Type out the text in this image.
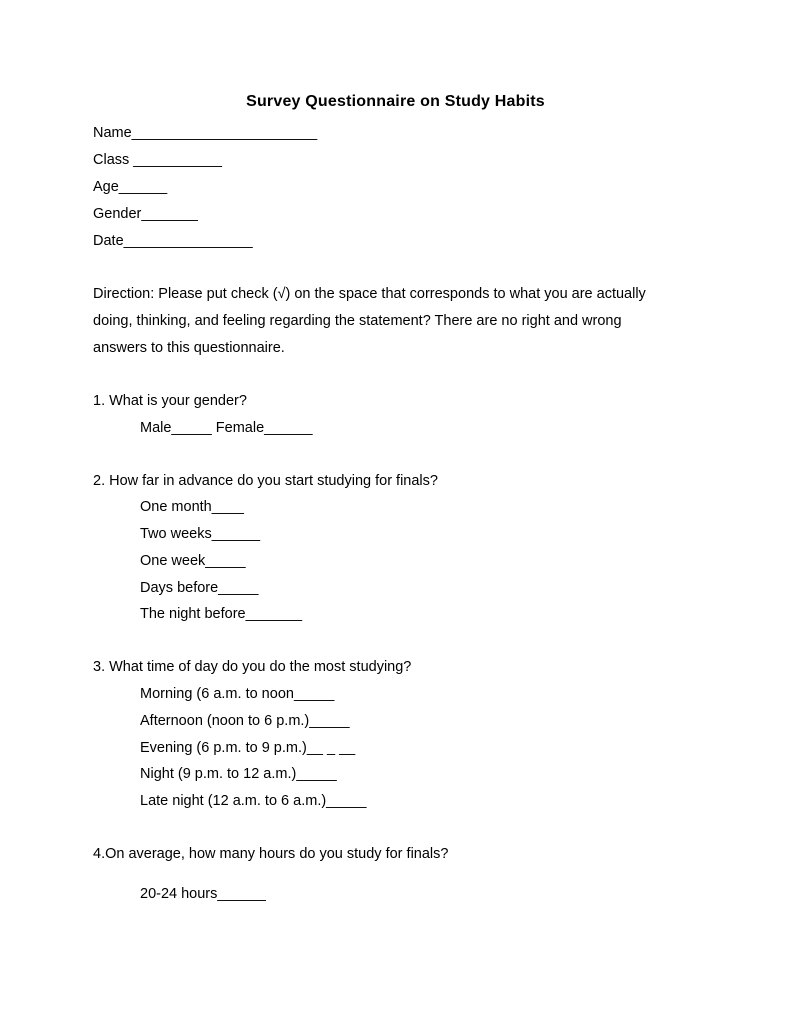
Survey Questionnaire on Study Habits
Name_______________________
Class ___________
Age______
Gender_______
Date________________
Direction: Please put check (√) on the space that corresponds to what you are actually
doing, thinking, and feeling regarding the statement? There are no right and wrong
answers to this questionnaire.
1. What is your gender?
Male_____ Female______
2. How far in advance do you start studying for finals?
One month____
Two weeks______
One week_____
Days before_____
The night before_______
3. What time of day do you do the most studying?
Morning (6 a.m. to noon_____
Afternoon (noon to 6 p.m.)_____
Evening (6 p.m. to 9 p.m.)__ _ __
Night (9 p.m. to 12 a.m.)_____
Late night (12 a.m. to 6 a.m.)_____
4.On average, how many hours do you study for finals?
20-24 hours______
